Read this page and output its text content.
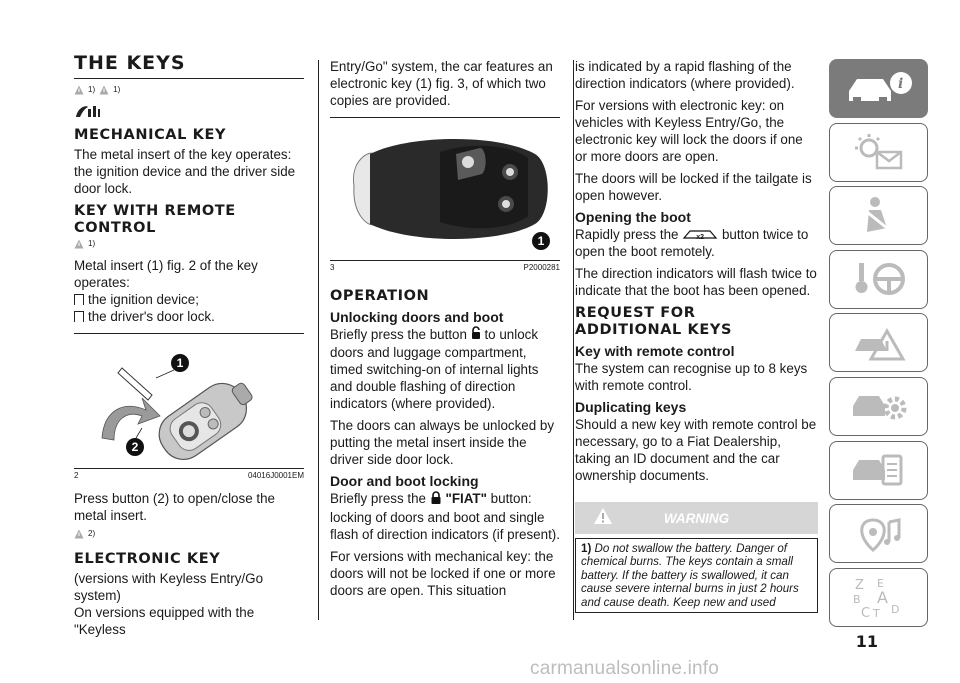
THE KEYS
1) 1)
MECHANICAL KEY

The metal insert of the key operates: the ignition device and the driver side door lock.

KEY WITH REMOTE CONTROL
1)

Metal insert (1) fig. 2 of the key operates:

the ignition device;
the driver's door lock.
1
2
2	04016J0001EM

Press button (2) to open/close the metal insert.

2)
ELECTRONIC KEY

(versions with Keyless Entry/Go system)

On versions equipped with the "Keyless

Entry/Go" system, the car features an electronic key (1) fig. 3, of which two copies are provided.

1
3	P2000281
OPERATION
Unlocking doors and boot

Briefly press the button to unlock doors and luggage compartment, timed switching-on of internal lights and double flashing of direction indicators (where provided).

The doors can always be unlocked by putting the metal insert inside the driver side door lock.

Door and boot locking

Briefly press the "FIAT" button: locking of doors and boot and single flash of direction indicators (if present).

For versions with mechanical key: the doors will not be locked if one or more doors are open. This situation

is indicated by a rapid flashing of the direction indicators (where provided).

For versions with electronic key: on vehicles with Keyless Entry/Go, the electronic key will lock the doors if one or more doors are open.

The doors will be locked if the tailgate is open however.

Opening the boot

Rapidly press the	x2 button twice to open the boot remotely.

The direction indicators will flash twice to indicate that the boot has been opened.

REQUEST FOR ADDITIONAL KEYS
Key with remote control

The system can recognise up to 8 keys with remote control.

Duplicating keys

Should a new key with remote control be necessary, go to a Fiat Dealership, taking an ID document and the car ownership documents.

WARNING
1) Do not swallow the battery. Danger of chemical burns. The keys contain a small battery. If the battery is swallowed, it can cause severe internal burns in just 2 hours and cause death. Keep new and used
i
Z E
B A
C T D
11
carmanualsonline.info
